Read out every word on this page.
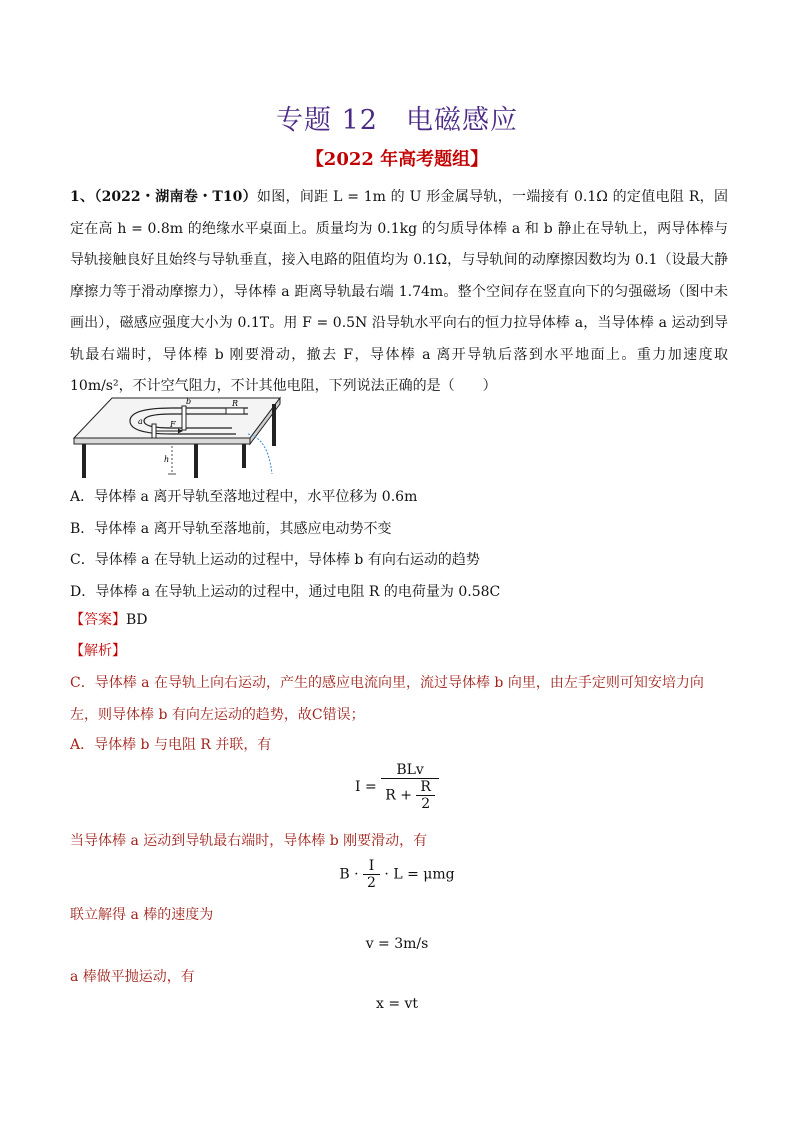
专题 12　电磁感应
【2022 年高考题组】
1、（2022・湖南卷・T10）如图，间距 L = 1m 的 U 形金属导轨，一端接有 0.1Ω 的定值电阻 R，固定在高 h = 0.8m 的绝缘水平桌面上。质量均为 0.1kg 的匀质导体棒 a 和 b 静止在导轨上，两导体棒与导轨接触良好且始终与导轨垂直，接入电路的阻值均为 0.1Ω，与导轨间的动摩擦因数均为 0.1（设最大静摩擦力等于滑动摩擦力），导体棒 a 距离导轨最右端 1.74m。整个空间存在竖直向下的匀强磁场（图中未画出），磁感应强度大小为 0.1T。用 F = 0.5N 沿导轨水平向右的恒力拉导体棒 a，当导体棒 a 运动到导轨最右端时，导体棒 b 刚要滑动，撤去 F，导体棒 a 离开导轨后落到水平地面上。重力加速度取 10m/s²，不计空气阻力，不计其他电阻，下列说法正确的是（　　）
R
b
a	F
h
A．导体棒 a 离开导轨至落地过程中，水平位移为 0.6m
B．导体棒 a 离开导轨至落地前，其感应电动势不变
C．导体棒 a 在导轨上运动的过程中，导体棒 b 有向右运动的趋势
D．导体棒 a 在导轨上运动的过程中，通过电阻 R 的电荷量为 0.58C
【答案】BD
【解析】
C．导体棒 a 在导轨上向右运动，产生的感应电流向里，流过导体棒 b 向里，由左手定则可知安培力向左，则导体棒 b 有向左运动的趋势，故C错误；
A．导体棒 b 与电阻 R 并联，有
$I = \frac{\text{BLv}}{R + \frac{R}{2}}$
当导体棒 a 运动到导轨最右端时，导体棒 b 刚要滑动，有
$B \cdot \frac{I}{2} \cdot L = \mu mg$
联立解得 a 棒的速度为
v = 3m/s
a 棒做平抛运动，有
x = vt
